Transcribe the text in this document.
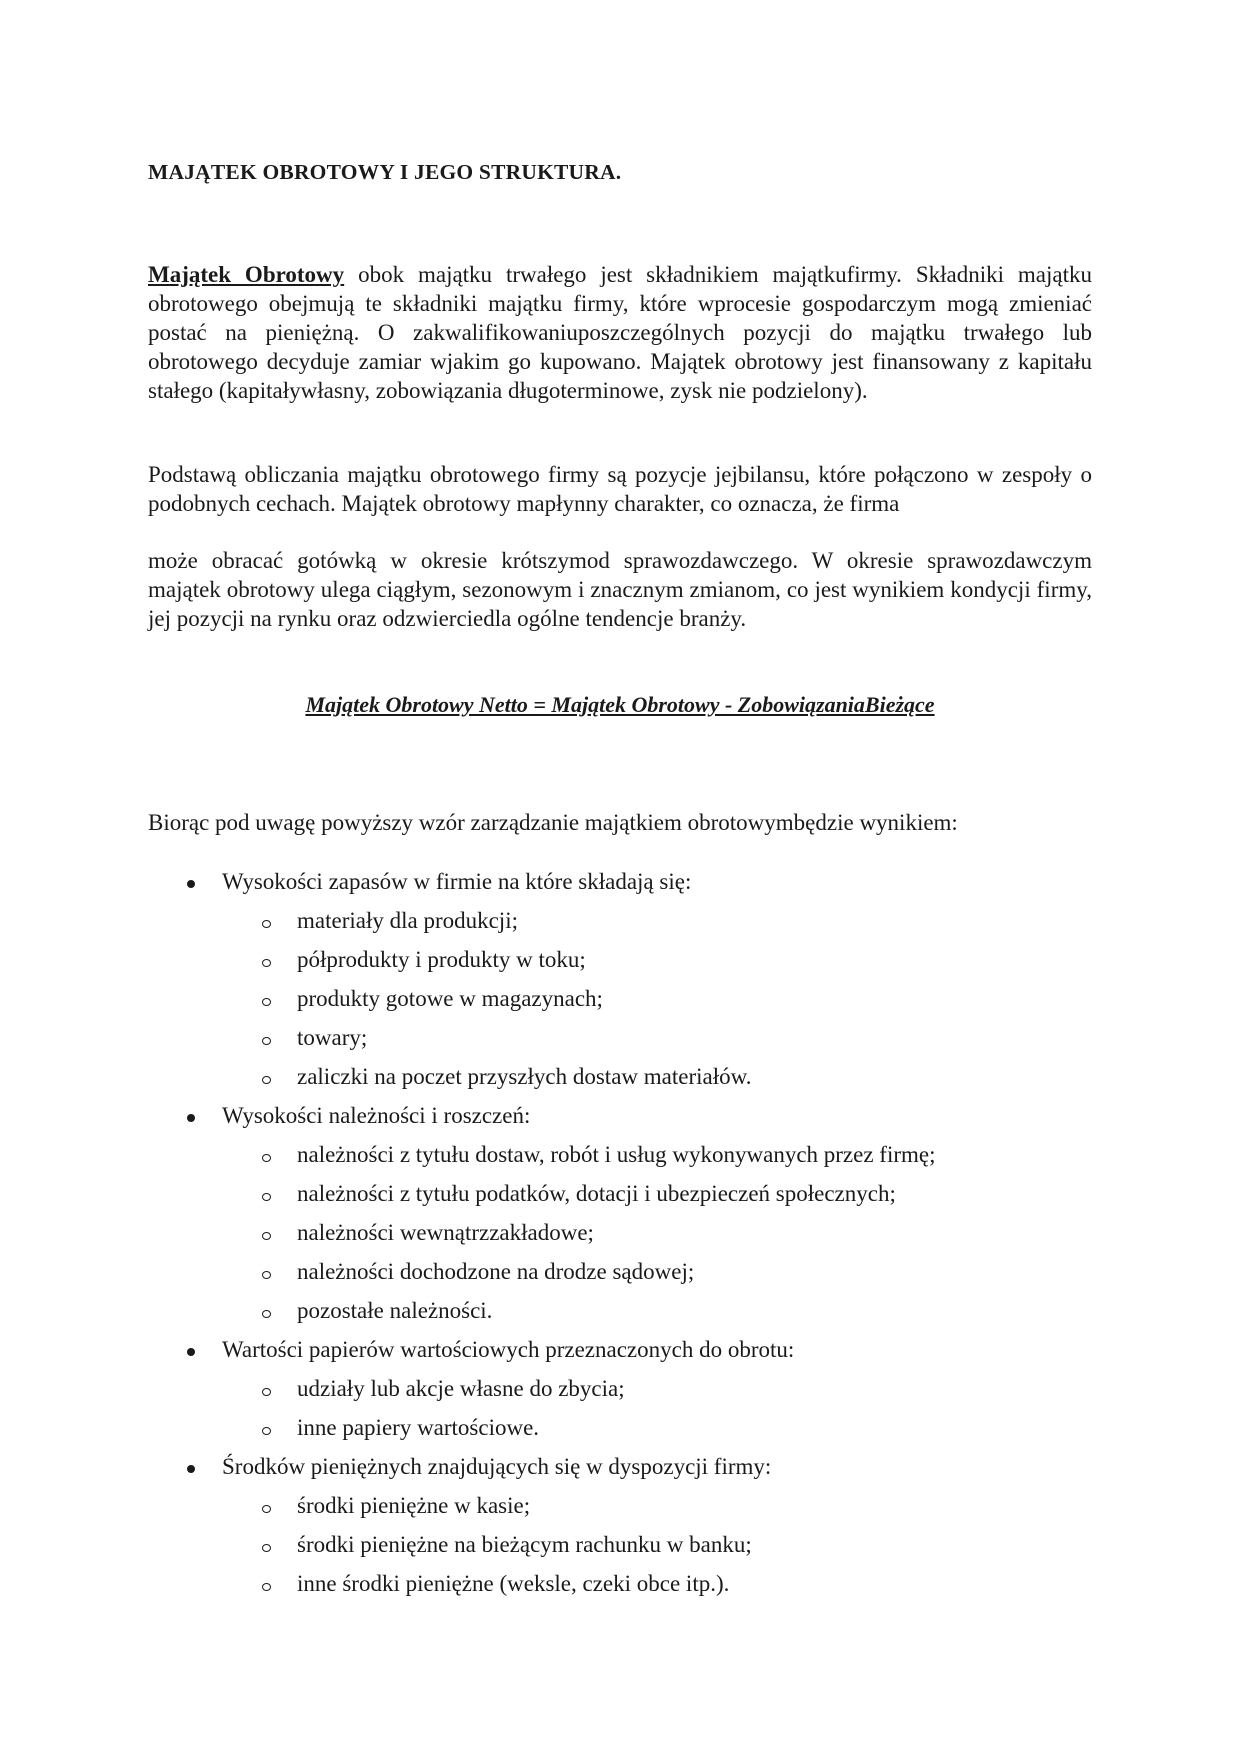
MAJĄTEK OBROTOWY I JEGO STRUKTURA.

Majątek Obrotowy obok majątku trwałego jest składnikiem majątkufirmy. Składniki majątku obrotowego obejmują te składniki majątku firmy, które wprocesie gospodarczym mogą zmieniać postać na pieniężną. O zakwalifikowaniuposzczególnych pozycji do majątku trwałego lub obrotowego decyduje zamiar wjakim go kupowano. Majątek obrotowy jest finansowany z kapitału stałego (kapitaływłasny, zobowiązania długoterminowe, zysk nie podzielony).

Podstawą obliczania majątku obrotowego firmy są pozycje jejbilansu, które połączono w zespoły o podobnych cechach. Majątek obrotowy mapłynny charakter, co oznacza, że firma

może obracać gotówką w okresie krótszymod sprawozdawczego. W okresie sprawozdawczym majątek obrotowy ulega ciągłym, sezonowym i znacznym zmianom, co jest wynikiem kondycji firmy, jej pozycji na rynku oraz odzwierciedla ogólne tendencje branży.

Majątek Obrotowy Netto = Majątek Obrotowy - ZobowiązaniaBieżące

Biorąc pod uwagę powyższy wzór zarządzanie majątkiem obrotowymbędzie wynikiem:

Wysokości zapasów w firmie na które składają się:
materiały dla produkcji;
półprodukty i produkty w toku;
produkty gotowe w magazynach;
towary;
zaliczki na poczet przyszłych dostaw materiałów.
Wysokości należności i roszczeń:
należności z tytułu dostaw, robót i usług wykonywanych przez firmę;
należności z tytułu podatków, dotacji i ubezpieczeń społecznych;
należności wewnątrzzakładowe;
należności dochodzone na drodze sądowej;
pozostałe należności.
Wartości papierów wartościowych przeznaczonych do obrotu:
udziały lub akcje własne do zbycia;
inne papiery wartościowe.
Środków pieniężnych znajdujących się w dyspozycji firmy:
środki pieniężne w kasie;
środki pieniężne na bieżącym rachunku w banku;
inne środki pieniężne (weksle, czeki obce itp.).
